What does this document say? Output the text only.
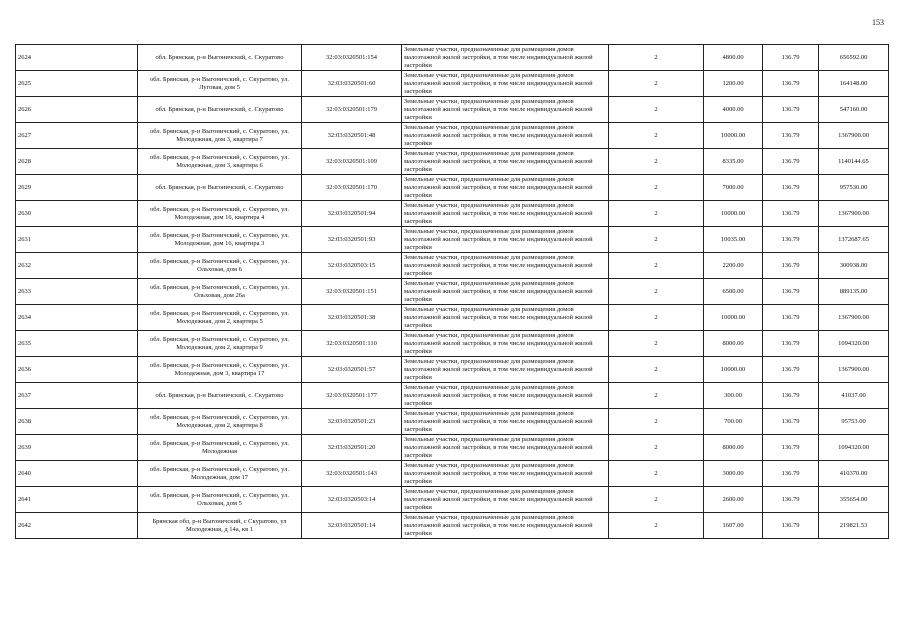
153
2624	обл. Брянская, р-н Выгоничский, с. Скуратово	32:03:0320501:154	Земельные участки, предназначенные для размещения домов малоэтажной жилой застройки, в том числе индивидуальной жилой застройки	2	4800.00	136.79	656592.00
2625	обл. Брянская, р-н Выгоничский, с. Скуратово, ул. Луговая, дом 5	32:03:0320501:60	Земельные участки, предназначенные для размещения домов малоэтажной жилой застройки, в том числе индивидуальной жилой застройки	2	1200.00	136.79	164148.00
2626	обл. Брянская, р-н Выгоничский, с. Скуратово	32:03:0320501:179	Земельные участки, предназначенные для размещения домов малоэтажной жилой застройки, в том числе индивидуальной жилой застройки	2	4000.00	136.79	547160.00
2627	обл. Брянская, р-н Выгоничский, с. Скуратово, ул. Молодежная, дом 3, квартира 7	32:03:0320501:48	Земельные участки, предназначенные для размещения домов малоэтажной жилой застройки, в том числе индивидуальной жилой застройки	2	10000.00	136.79	1367900.00
2628	обл. Брянская, р-н Выгоничский, с. Скуратово, ул. Молодежная, дом 3, квартира 6	32:03:0320501:109	Земельные участки, предназначенные для размещения домов малоэтажной жилой застройки, в том числе индивидуальной жилой застройки	2	8335.00	136.79	1140144.65
2629	обл. Брянская, р-н Выгоничский, с. Скуратово	32:03:0320501:170	Земельные участки, предназначенные для размещения домов малоэтажной жилой застройки, в том числе индивидуальной жилой застройки	2	7000.00	136.79	957530.00
2630	обл. Брянская, р-н Выгоничский, с. Скуратово, ул. Молодежная, дом 16, квартира 4	32:03:0320501:94	Земельные участки, предназначенные для размещения домов малоэтажной жилой застройки, в том числе индивидуальной жилой застройки	2	10000.00	136.79	1367900.00
2631	обл. Брянская, р-н Выгоничский, с. Скуратово, ул. Молодежная, дом 16, квартира 3	32:03:0320501:93	Земельные участки, предназначенные для размещения домов малоэтажной жилой застройки, в том числе индивидуальной жилой застройки	2	10035.00	136.79	1372687.65
2632	обл. Брянская, р-н Выгоничский, с. Скуратово, ул. Ольховая, дом 6	32:03:0320503:15	Земельные участки, предназначенные для размещения домов малоэтажной жилой застройки, в том числе индивидуальной жилой застройки	2	2200.00	136.79	300938.00
2633	обл. Брянская, р-н Выгоничский, с. Скуратово, ул. Ольховая, дом 26а	32:03:0320501:151	Земельные участки, предназначенные для размещения домов малоэтажной жилой застройки, в том числе индивидуальной жилой застройки	2	6500.00	136.79	889135.00
2634	обл. Брянская, р-н Выгоничский, с. Скуратово, ул. Молодежная, дом 2, квартира 5	32:03:0320501:38	Земельные участки, предназначенные для размещения домов малоэтажной жилой застройки, в том числе индивидуальной жилой застройки	2	10000.00	136.79	1367900.00
2635	обл. Брянская, р-н Выгоничский, с. Скуратово, ул. Молодежная, дом 2, квартира 9	32:03:0320501:110	Земельные участки, предназначенные для размещения домов малоэтажной жилой застройки, в том числе индивидуальной жилой застройки	2	8000.00	136.79	1094320.00
2636	обл. Брянская, р-н Выгоничский, с. Скуратово, ул. Молодежная, дом 3, квартира 17	32:03:0320501:57	Земельные участки, предназначенные для размещения домов малоэтажной жилой застройки, в том числе индивидуальной жилой застройки	2	10000.00	136.79	1367900.00
2637	обл. Брянская, р-н Выгоничский, с. Скуратово	32:03:0320501:177	Земельные участки, предназначенные для размещения домов малоэтажной жилой застройки, в том числе индивидуальной жилой застройки	2	300.00	136.79	41037.00
2638	обл. Брянская, р-н Выгоничский, с. Скуратово, ул. Молодежная, дом 2, квартира 8	32:03:0320501:23	Земельные участки, предназначенные для размещения домов малоэтажной жилой застройки, в том числе индивидуальной жилой застройки	2	700.00	136.79	95753.00
2639	обл. Брянская, р-н Выгоничский, с. Скуратово, ул. Молодежная	32:03:0320501:20	Земельные участки, предназначенные для размещения домов малоэтажной жилой застройки, в том числе индивидуальной жилой застройки	2	8000.00	136.79	1094320.00
2640	обл. Брянская, р-н Выгоничский, с. Скуратово, ул. Молодежная, дом 17	32:03:0320501:143	Земельные участки, предназначенные для размещения домов малоэтажной жилой застройки, в том числе индивидуальной жилой застройки	2	3000.00	136.79	410370.00
2641	обл. Брянская, р-н Выгоничский, с. Скуратово, ул. Ольховая, дом 5	32:03:0320503:14	Земельные участки, предназначенные для размещения домов малоэтажной жилой застройки, в том числе индивидуальной жилой застройки	2	2600.00	136.79	355654.00
2642	Брянская обл, р-н Выгоничский, с Скуратово, ул Молодежная, д 14а, кв 1	32:03:0320501:14	Земельные участки, предназначенные для размещения домов малоэтажной жилой застройки, в том числе индивидуальной жилой застройки	2	1607.00	136.79	219821.53
